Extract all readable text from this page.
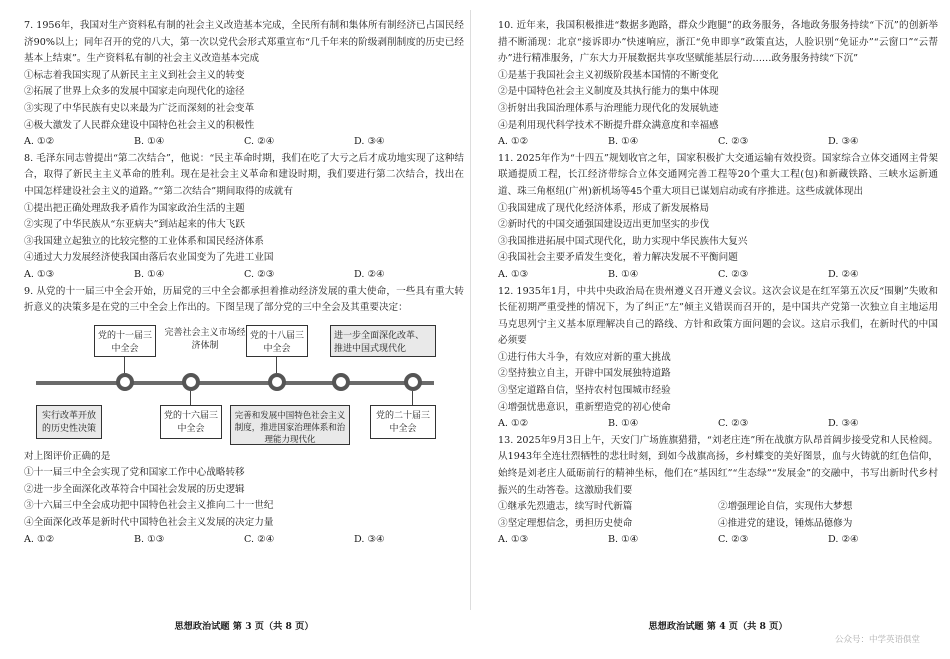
7. 1956年，我国对生产资料私有制的社会主义改造基本完成，全民所有制和集体所有制经济已占国民经济90%以上；同年召开的党的八大，第一次以党代会形式郑重宣布“几千年来的阶级剥削制度的历史已经基本上结束”。生产资料私有制的社会主义改造基本完成

①标志着我国实现了从新民主主义到社会主义的转变

②拓展了世界上众多的发展中国家走向现代化的途径

③实现了中华民族有史以来最为广泛而深刻的社会变革

④极大激发了人民群众建设中国特色社会主义的积极性

A. ①②	B. ①④	C. ②④	D. ③④

8. 毛泽东同志曾提出“第二次结合”，他说：“民主革命时期，我们在吃了大亏之后才成功地实现了这种结合，取得了新民主主义革命的胜利。现在是社会主义革命和建设时期，我们要进行第二次结合，找出在中国怎样建设社会主义的道路。”“第二次结合”期间取得的成就有

①提出把正确处理敌我矛盾作为国家政治生活的主题

②实现了中华民族从“东亚病夫”到站起来的伟大飞跃

③我国建立起独立的比较完整的工业体系和国民经济体系

④通过大力发展经济使我国由落后农业国变为了先进工业国

A. ①③	B. ①④	C. ②③	D. ②④

9. 从党的十一届三中全会开始，历届党的三中全会都承担着推动经济发展的重大使命，一些具有重大转折意义的决策多是在党的三中全会上作出的。下图呈现了部分党的三中全会及其重要决定：

党的十一届三中全会
完善社会主义市场经济体制
党的十八届三中全会
进一步全面深化改革、推进中国式现代化
实行改革开放的历史性决策
党的十六届三中全会
完善和发展中国特色社会主义制度，推进国家治理体系和治理能力现代化
党的二十届三中全会

对上图评价正确的是

①十一届三中全会实现了党和国家工作中心战略转移

②进一步全面深化改革符合中国社会发展的历史逻辑

③十六届三中全会成功把中国特色社会主义推向二十一世纪

④全面深化改革是新时代中国特色社会主义发展的决定力量

A. ①②	B. ①③	C. ②④	D. ③④

10. 近年来，我国积极推进“数据多跑路，群众少跑腿”的政务服务，各地政务服务持续“下沉”的创新举措不断涌现：北京“接诉即办”快速响应，浙江“免申即享”政策直达，人脸识别“免证办”“云窗口”“云帮办”进行精准服务，广东大力开展数据共享攻坚赋能基层行动……政务服务持续“下沉”

①是基于我国社会主义初级阶段基本国情的不断变化

②是中国特色社会主义制度及其执行能力的集中体现

③折射出我国治理体系与治理能力现代化的发展轨迹

④是利用现代科学技术不断提升群众满意度和幸福感

A. ①②	B. ①④	C. ②③	D. ③④

11. 2025年作为“十四五”规划收官之年，国家积极扩大交通运输有效投资。国家综合立体交通网主骨架联通提质工程，长江经济带综合立体交通网完善工程等20个重大工程(包)和新藏铁路、三峡水运新通道、珠三角枢纽(广州)新机场等45个重大项目已谋划启动或有序推进。这些成就体现出

①我国建成了现代化经济体系，形成了新发展格局

②新时代的中国交通强国建设迈出更加坚实的步伐

③我国推进拓展中国式现代化，助力实现中华民族伟大复兴

④我国社会主要矛盾发生变化，着力解决发展不平衡问题

A. ①③	B. ①④	C. ②③	D. ②④

12. 1935年1月，中共中央政治局在贵州遵义召开遵义会议。这次会议是在红军第五次反“围剿”失败和长征初期严重受挫的情况下，为了纠正“左”倾主义错误而召开的，是中国共产党第一次独立自主地运用马克思列宁主义基本原理解决自己的路线、方针和政策方面问题的会议。这启示我们，在新时代的中国必须要

①进行伟大斗争，有效应对新的重大挑战

②坚持独立自主，开辟中国发展独特道路

③坚定道路自信，坚持农村包围城市经验

④增强忧患意识，重新塑造党的初心使命

A. ①②	B. ①④	C. ②③	D. ③④

13. 2025年9月3日上午，天安门广场旌旗猎猎，“刘老庄连”所在战旗方队昂首阔步接受党和人民检阅。从1943年全连壮烈牺牲的悲壮时刻，到如今战旗高扬，乡村蝶变的美好图景，血与火铸就的红色信仰，始终是刘老庄人砥砺前行的精神坐标，他们在“基因红”“生态绿”“发展金”的交融中，书写出新时代乡村振兴的生动答卷。这激励我们要

①继承先烈遗志，续写时代新篇	②增强理论自信，实现伟大梦想
③坚定理想信念，勇担历史使命	④推进党的建设，锤炼品德修为
A. ①③	B. ①④	C. ②③	D. ②④
思想政治试题 第 3 页（共 8 页）	思想政治试题 第 4 页（共 8 页）
公众号：中学英语俱堂
